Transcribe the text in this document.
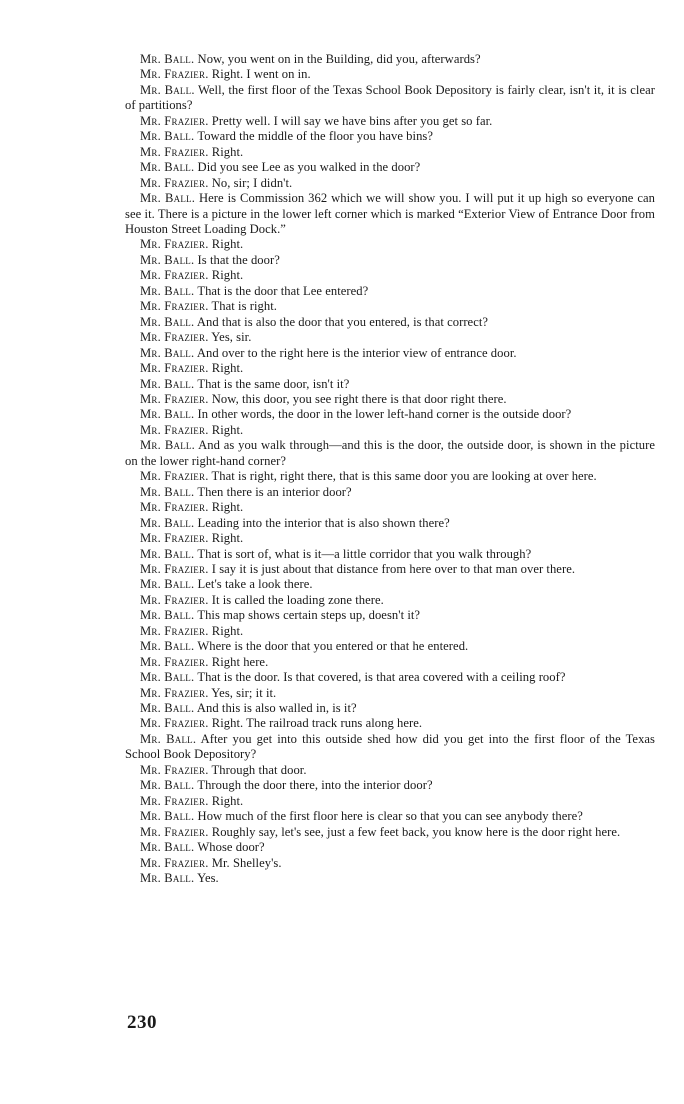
Mr. Ball. Now, you went on in the Building, did you, afterwards?

Mr. Frazier. Right. I went on in.

Mr. Ball. Well, the first floor of the Texas School Book Depository is fairly clear, isn't it, it is clear of partitions?

Mr. Frazier. Pretty well. I will say we have bins after you get so far.

Mr. Ball. Toward the middle of the floor you have bins?

Mr. Frazier. Right.

Mr. Ball. Did you see Lee as you walked in the door?

Mr. Frazier. No, sir; I didn't.

Mr. Ball. Here is Commission 362 which we will show you. I will put it up high so everyone can see it. There is a picture in the lower left corner which is marked “Exterior View of Entrance Door from Houston Street Loading Dock.”

Mr. Frazier. Right.

Mr. Ball. Is that the door?

Mr. Frazier. Right.

Mr. Ball. That is the door that Lee entered?

Mr. Frazier. That is right.

Mr. Ball. And that is also the door that you entered, is that correct?

Mr. Frazier. Yes, sir.

Mr. Ball. And over to the right here is the interior view of entrance door.

Mr. Frazier. Right.

Mr. Ball. That is the same door, isn't it?

Mr. Frazier. Now, this door, you see right there is that door right there.

Mr. Ball. In other words, the door in the lower left-hand corner is the outside door?

Mr. Frazier. Right.

Mr. Ball. And as you walk through—and this is the door, the outside door, is shown in the picture on the lower right-hand corner?

Mr. Frazier. That is right, right there, that is this same door you are looking at over here.

Mr. Ball. Then there is an interior door?

Mr. Frazier. Right.

Mr. Ball. Leading into the interior that is also shown there?

Mr. Frazier. Right.

Mr. Ball. That is sort of, what is it—a little corridor that you walk through?

Mr. Frazier. I say it is just about that distance from here over to that man over there.

Mr. Ball. Let's take a look there.

Mr. Frazier. It is called the loading zone there.

Mr. Ball. This map shows certain steps up, doesn't it?

Mr. Frazier. Right.

Mr. Ball. Where is the door that you entered or that he entered.

Mr. Frazier. Right here.

Mr. Ball. That is the door. Is that covered, is that area covered with a ceiling roof?

Mr. Frazier. Yes, sir; it it.

Mr. Ball. And this is also walled in, is it?

Mr. Frazier. Right. The railroad track runs along here.

Mr. Ball. After you get into this outside shed how did you get into the first floor of the Texas School Book Depository?

Mr. Frazier. Through that door.

Mr. Ball. Through the door there, into the interior door?

Mr. Frazier. Right.

Mr. Ball. How much of the first floor here is clear so that you can see anybody there?

Mr. Frazier. Roughly say, let's see, just a few feet back, you know here is the door right here.

Mr. Ball. Whose door?

Mr. Frazier. Mr. Shelley's.

Mr. Ball. Yes.

230
